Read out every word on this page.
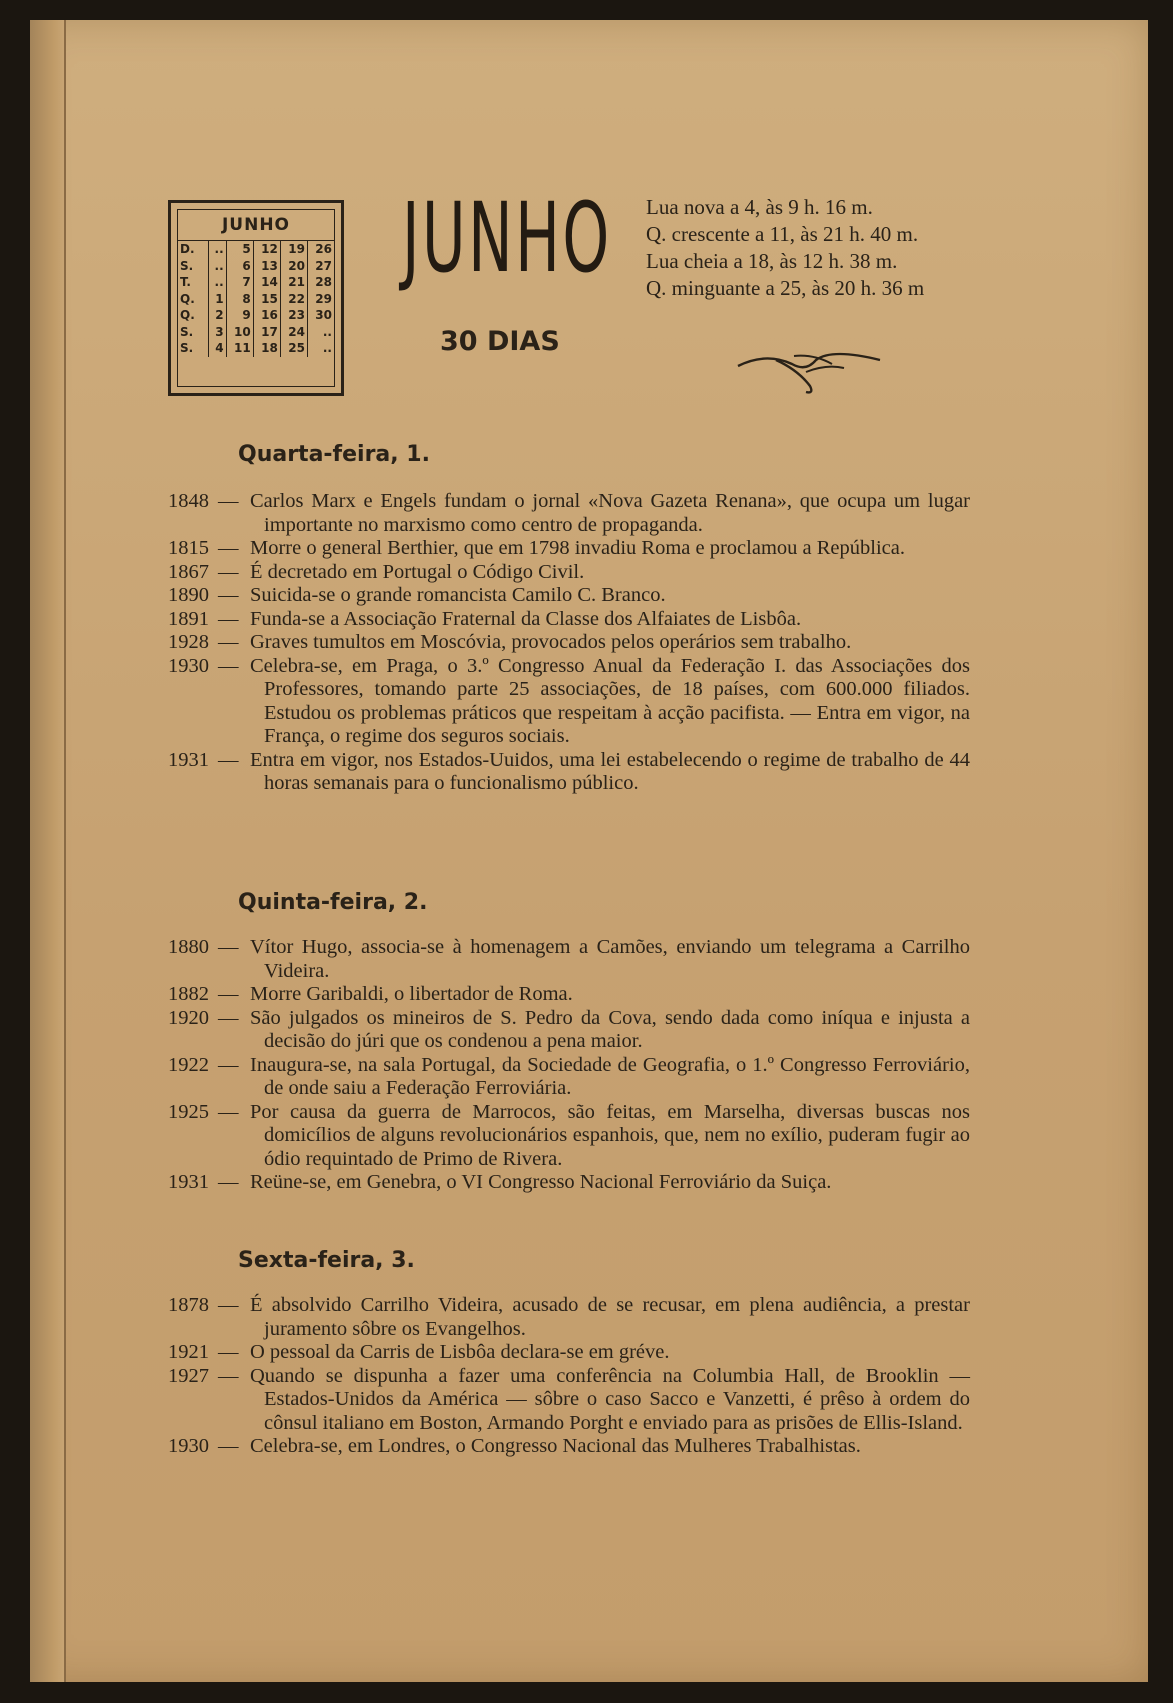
JUNHO
D.	..	5	12	19	26
S.	..	6	13	20	27
T.	..	7	14	21	28
Q.	1	8	15	22	29
Q.	2	9	16	23	30
S.	3	10	17	24	..
S.	4	11	18	25	..
JUNHO
30 DIAS
Lua nova a 4, às 9 h. 16 m.
Q. crescente a 11, às 21 h. 40 m.
Lua cheia a 18, às 12 h. 38 m.
Q. minguante a 25, às 20 h. 36 m
Quarta-feira, 1.
1848 — Carlos Marx e Engels fundam o jornal «Nova Gazeta Renana», que ocupa um lugar importante no marxismo como centro de propaganda.
1815 — Morre o general Berthier, que em 1798 invadiu Roma e proclamou a República.
1867 — É decretado em Portugal o Código Civil.
1890 — Suicida-se o grande romancista Camilo C. Branco.
1891 — Funda-se a Associação Fraternal da Classe dos Alfaiates de Lisbôa.
1928 — Graves tumultos em Moscóvia, provocados pelos operários sem trabalho.
1930 — Celebra-se, em Praga, o 3.º Congresso Anual da Federação I. das Associações dos Professores, tomando parte 25 associações, de 18 países, com 600.000 filiados. Estudou os problemas práticos que respeitam à acção pacifista. — Entra em vigor, na França, o regime dos seguros sociais.
1931 — Entra em vigor, nos Estados-Uuidos, uma lei estabelecendo o regime de trabalho de 44 horas semanais para o funcionalismo público.
Quinta-feira, 2.
1880 — Vítor Hugo, associa-se à homenagem a Camões, enviando um telegrama a Carrilho Videira.
1882 — Morre Garibaldi, o libertador de Roma.
1920 — São julgados os mineiros de S. Pedro da Cova, sendo dada como iníqua e injusta a decisão do júri que os condenou a pena maior.
1922 — Inaugura-se, na sala Portugal, da Sociedade de Geografia, o 1.º Congresso Ferroviário, de onde saiu a Federação Ferroviária.
1925 — Por causa da guerra de Marrocos, são feitas, em Marselha, diversas buscas nos domicílios de alguns revolucionários espanhois, que, nem no exílio, puderam fugir ao ódio requintado de Primo de Rivera.
1931 — Reüne-se, em Genebra, o VI Congresso Nacional Ferroviário da Suiça.
Sexta-feira, 3.
1878 — É absolvido Carrilho Videira, acusado de se recusar, em plena audiência, a prestar juramento sôbre os Evangelhos.
1921 — O pessoal da Carris de Lisbôa declara-se em gréve.
1927 — Quando se dispunha a fazer uma conferência na Columbia Hall, de Brooklin — Estados-Unidos da América — sôbre o caso Sacco e Vanzetti, é prêso à ordem do cônsul italiano em Boston, Armando Porght e enviado para as prisões de Ellis-Island.
1930 — Celebra-se, em Londres, o Congresso Nacional das Mulheres Trabalhistas.
